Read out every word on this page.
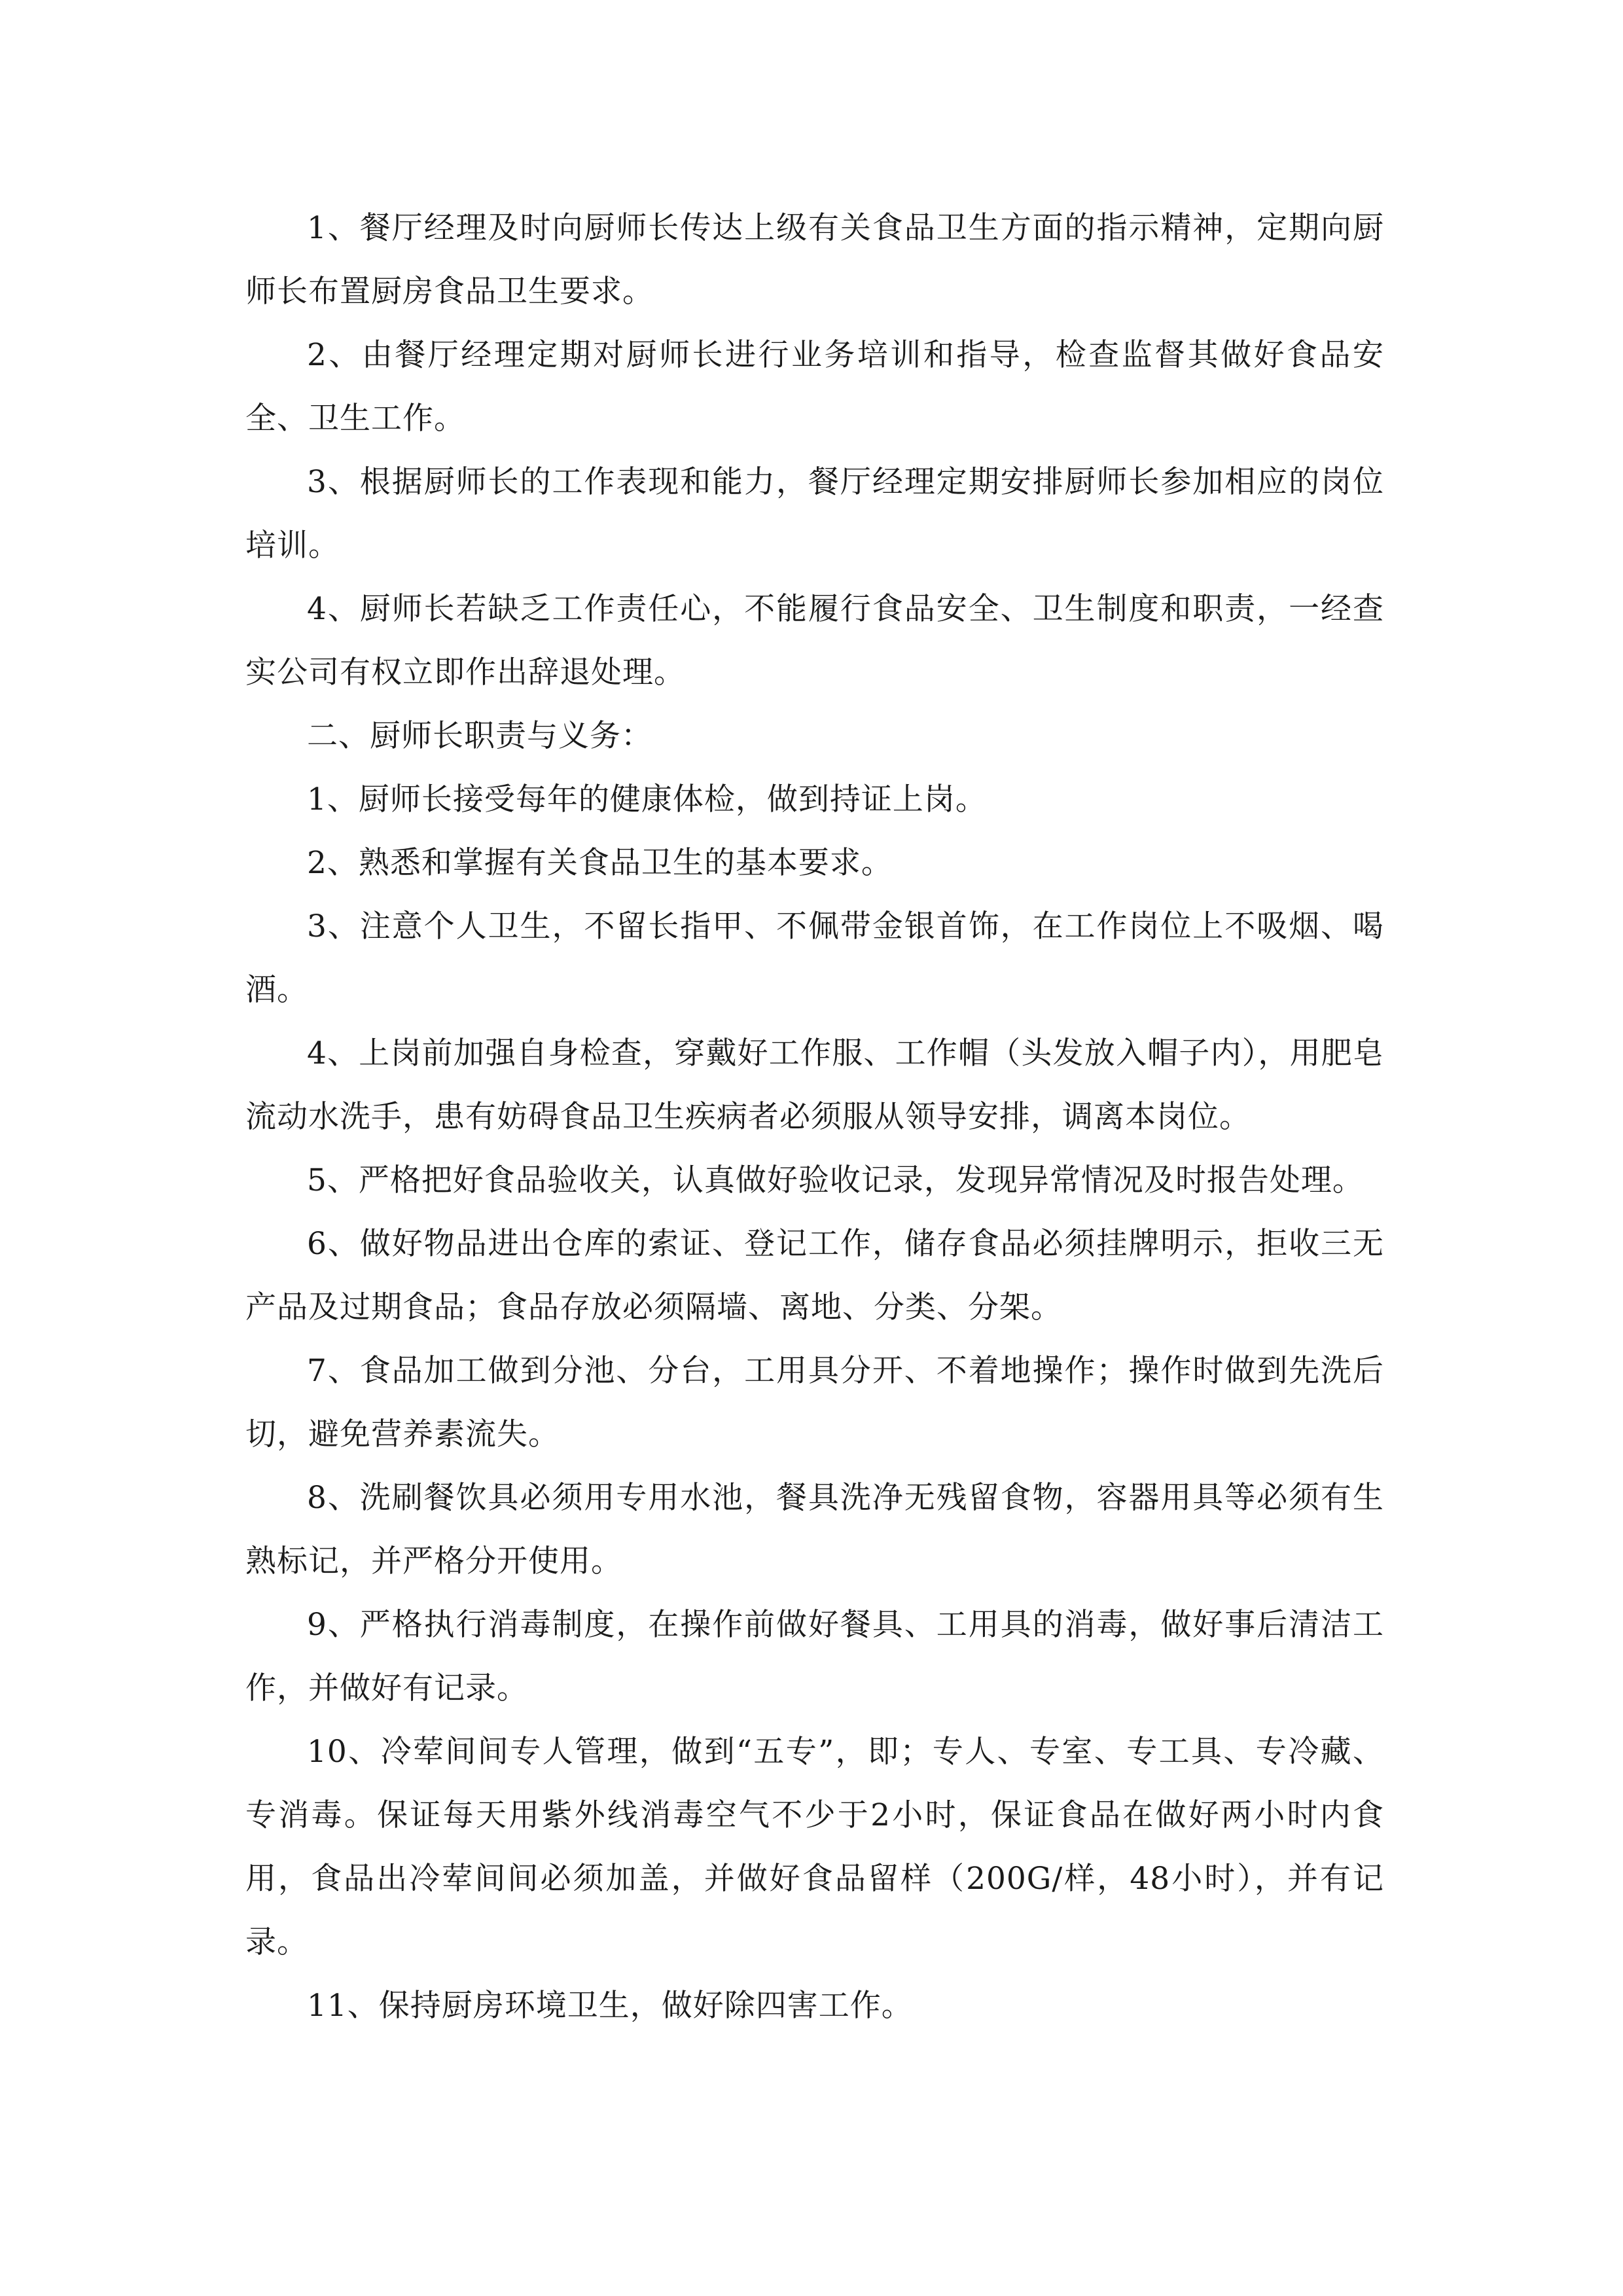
1、餐厅经理及时向厨师长传达上级有关食品卫生方面的指示精神，定期向厨师长布置厨房食品卫生要求。

2、由餐厅经理定期对厨师长进行业务培训和指导，检查监督其做好食品安全、卫生工作。

3、根据厨师长的工作表现和能力，餐厅经理定期安排厨师长参加相应的岗位培训。

4、厨师长若缺乏工作责任心，不能履行食品安全、卫生制度和职责，一经查实公司有权立即作出辞退处理。

二、厨师长职责与义务：

1、厨师长接受每年的健康体检，做到持证上岗。

2、熟悉和掌握有关食品卫生的基本要求。

3、注意个人卫生，不留长指甲、不佩带金银首饰，在工作岗位上不吸烟、喝酒。

4、上岗前加强自身检查，穿戴好工作服、工作帽（头发放入帽子内），用肥皂流动水洗手，患有妨碍食品卫生疾病者必须服从领导安排，调离本岗位。

5、严格把好食品验收关，认真做好验收记录，发现异常情况及时报告处理。

6、做好物品进出仓库的索证、登记工作，储存食品必须挂牌明示，拒收三无产品及过期食品；食品存放必须隔墙、离地、分类、分架。

7、食品加工做到分池、分台，工用具分开、不着地操作；操作时做到先洗后切，避免营养素流失。

8、洗刷餐饮具必须用专用水池，餐具洗净无残留食物，容器用具等必须有生熟标记，并严格分开使用。

9、严格执行消毒制度，在操作前做好餐具、工用具的消毒，做好事后清洁工作，并做好有记录。

10、冷荤间间专人管理，做到“五专”，即；专人、专室、专工具、专冷藏、专消毒。保证每天用紫外线消毒空气不少于2小时，保证食品在做好两小时内食用，食品出冷荤间间必须加盖，并做好食品留样（200G/样，48小时），并有记录。

11、保持厨房环境卫生，做好除四害工作。
